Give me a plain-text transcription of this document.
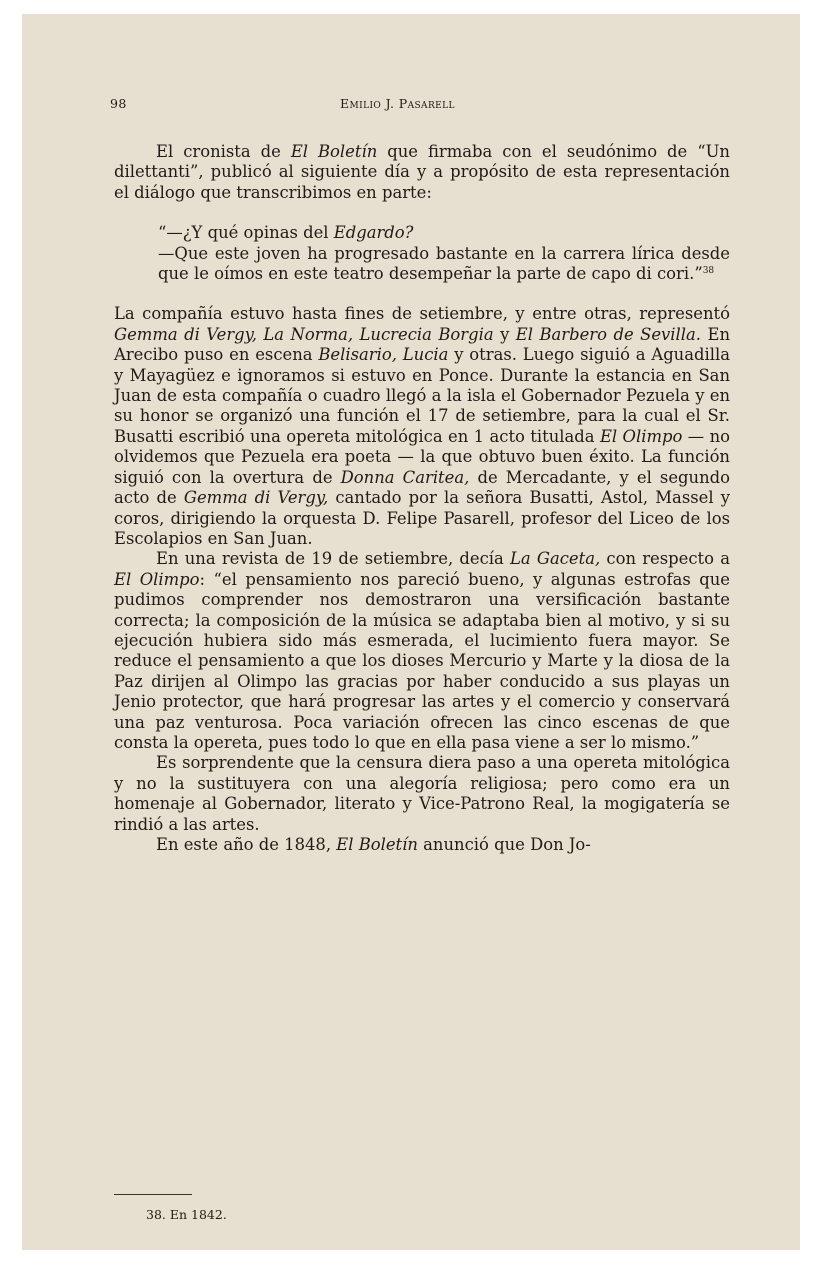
98	Emilio J. Pasarell

El cronista de El Boletín que firmaba con el seudónimo de “Un dilettanti”, publicó al siguiente día y a propósito de esta representación el diálogo que transcribimos en parte:

“—¿Y qué opinas del Edgardo?

—Que este joven ha progresado bastante en la carrera lírica desde que le oímos en este teatro desempeñar la parte de capo di cori.”$^{38}$

La compañía estuvo hasta fines de setiembre, y entre otras, representó Gemma di Vergy, La Norma, Lucrecia Borgia y El Barbero de Sevilla. En Arecibo puso en escena Belisario, Lucia y otras. Luego siguió a Aguadilla y Mayagüez e ignoramos si estuvo en Ponce. Durante la estancia en San Juan de esta compañía o cuadro llegó a la isla el Gobernador Pezuela y en su honor se organizó una función el 17 de setiembre, para la cual el Sr. Busatti escribió una opereta mitológica en 1 acto titulada El Olimpo — no olvidemos que Pezuela era poeta — la que obtuvo buen éxito. La función siguió con la overtura de Donna Caritea, de Mercadante, y el segundo acto de Gemma di Vergy, cantado por la señora Busatti, Astol, Massel y coros, dirigiendo la orquesta D. Felipe Pasarell, profesor del Liceo de los Escolapios en San Juan.

En una revista de 19 de setiembre, decía La Gaceta, con respecto a El Olimpo: “el pensamiento nos pareció bueno, y algunas estrofas que pudimos comprender nos demostraron una versificación bastante correcta; la composición de la música se adaptaba bien al motivo, y si su ejecución hubiera sido más esmerada, el lucimiento fuera mayor. Se reduce el pensamiento a que los dioses Mercurio y Marte y la diosa de la Paz dirijen al Olimpo las gracias por haber conducido a sus playas un Jenio protector, que hará progresar las artes y el comercio y conservará una paz venturosa. Poca variación ofrecen las cinco escenas de que consta la opereta, pues todo lo que en ella pasa viene a ser lo mismo.”

Es sorprendente que la censura diera paso a una opereta mitológica y no la sustituyera con una alegoría religiosa; pero como era un homenaje al Gobernador, literato y Vice-Patrono Real, la mogigatería se rindió a las artes.

En este año de 1848, El Boletín anunció que Don Jo-

38. En 1842.
